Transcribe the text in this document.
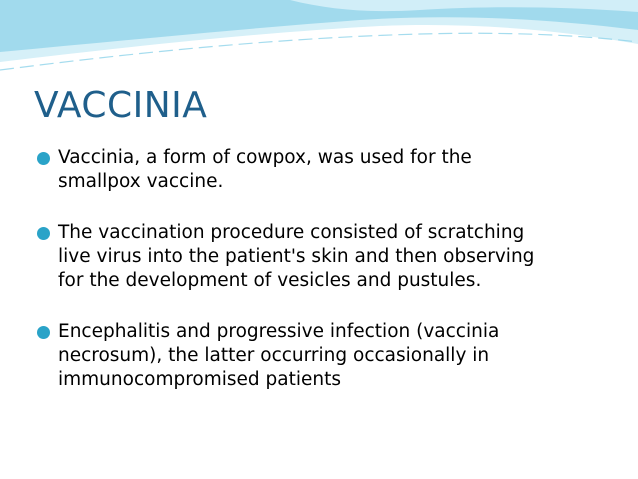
VACCINIA
Vaccinia, a form of cowpox, was used for the
smallpox vaccine.
The vaccination procedure consisted of scratching
live virus into the patient's skin and then observing
for the development of vesicles and pustules.
Encephalitis and progressive infection (vaccinia
necrosum), the latter occurring occasionally in
immunocompromised patients
